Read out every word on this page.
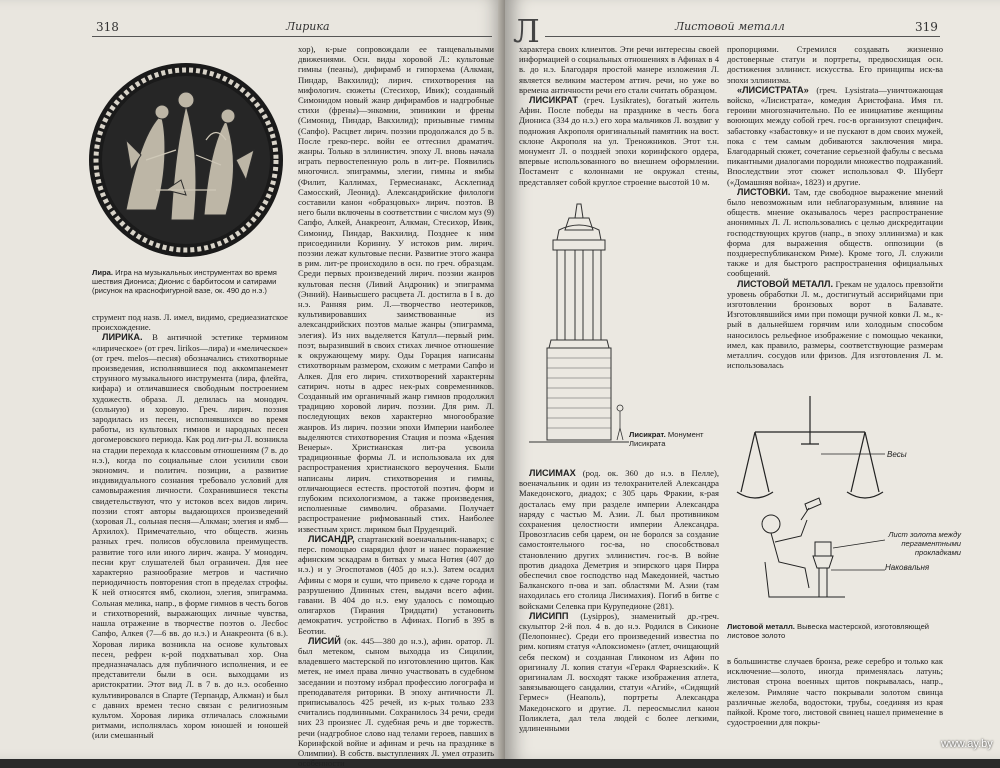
318	Лирика
Лира. Игра на музыкальных инструментах во время шествия Диониса; Дионис с барбитосом и сатирами (рисунок на краснофигурной вазе, ок. 490 до н.э.)

струмент под назв. Л. имел, видимо, средиеазиатское происхождение.

ЛИРИКА. В античной эстетике термином «лирическое» (от греч. lirikos—лира) и «мелическое» (от греч. melos—песня) обозначались стихотворные произведения, исполнявшиеся под аккомпанемент струнного музыкального инструмента (лира, флейта, кифара) и отличавшиеся свободным построением художеств. образа. Л. делилась на монодич. (сольную) и хоровую. Греч. лирич. поэзия зародилась из песен, исполнявшихся во время работы, из культовых гимнов и народных песен догомеровского периода. Как род лит-ры Л. возникла на стадии перехода к классовым отношениям (7 в. до н.э.), когда по социальные слои усилили свои экономич. и политич. позиции, а развитие индивидуального сознания требовало условий для самовыражения личности. Сохранившиеся тексты свидетельствуют, что у истоков всех видов лирич. поэзии стоят авторы выдающихся произведений (хоровая Л., сольная песня—Алкман; элегия и ямб—Архилох). Примечательно, что обществ. жизнь разных греч. полисов обусловила преимуществ. развитие того или иного лирич. жанра. У монодич. песни круг слушателей был ограничен. Для нее характерно разнообразие метров и частично периодичность повторения стоп в пределах строфы. К ней относятся ямб, сколион, элегия, эпиграмма. Сольная мелика, напр., в форме гимнов в честь богов и стихотворений, выражающих личные чувства, нашла отражение в творчестве поэтов о. Лесбос Сапфо, Алкея (7—6 вв. до н.э.) и Анакреонта (6 в.). Хоровая лирика возникла на основе культовых песен, рефрен к-рой подхватывал хор. Она предназначалась для публичного исполнения, и ее представители были в осн. выходцами из аристократии. Этот вид Л. в 7 в. до н.э. особенно культивировался в Спарте (Терпандр, Алкман) и был с давних времен тесно связан с религиозным культом. Хоровая лирика отличалась сложными ритмами, исполнялась хором юношей и юношей (или смешанный

хор), к-рые сопровождали ее танцевальными движениями. Осн. виды хоровой Л.: культовые гимны (пеаны), дифирамб и гипорхема (Алкман, Пиндар, Вакхилид); лирич. стихотворения на мифологич. сюжеты (Стесихор, Ивик); созданный Симонидом новый жанр дифирамбов и надгробные стихи (френы)—энкомии, эпиникии и френы (Симонид, Пиндар, Вакхилид); призывные гимны (Сапфо). Расцвет лирич. поэзии продолжался до 5 в. После греко-перс. войн ее оттеснил драматич. жанры. Только в эллинистич. эпоху Л. вновь начала играть первостепенную роль в лит-ре. Появились многочисл. эпиграммы, элегии, гимны и ямбы (Филит, Каллимах, Гермесианакс, Асклепиад Самосский, Леонид). Александрийские филологи составили канон «образцовых» лирич. поэтов. В него были включены в соответствии с числом муз (9) Сапфо, Алкей, Анакреонт, Алкман, Стесихор, Ивик, Симонид, Пиндар, Вакхилид. Позднее к ним присоединили Коринну. У истоков рим. лирич. поэзии лежат культовые песни. Развитие этого жанра в рим. лит-ре происходило в осн. по греч. образцам. Среди первых произведений лирич. поэзии жанров культовая песня (Ливий Андроник) и эпиграмма (Энний). Наивысшего расцвета Л. достигла в I в. до н.э. Ранняя рим. Л.—творчество неотериков, культивировавших заимствованные из александрийских поэтов малые жанры (эпиграмма, элегия). Из них выделяется Катулл—первый рим. поэт, выразивший в своих стихах личное отношение к окружающему миру. Оды Горация написаны стихотворным размером, схожим с метрами Сапфо и Алкея. Для его лирич. стихотворений характерны сатирич. ноты в адрес нек-рых современников. Созданный им органичный жанр гимнов продолжил традицию хоровой лирич. поэзии. Для рим. Л. последующих веков характерно многообразие жанров. Из лирич. поэзии эпохи Империи наиболее выделяются стихотворения Стация и поэма «Бдения Венеры». Христианская лит-ра усвоила традиционные формы Л. и использовала их для распространения христианского вероучения. Были написаны лирич. стихотворения и гимны, отличающиеся естеств. простотой поэтич. форм и глубоким психологизмом, а также произведения, исполненные символич. образами. Получает распространение рифмованный стих. Наиболее известным христ. лириком был Пруденций.

ЛИСАНДР, спартанский военачальник-наварх; с перс. помощью снарядил флот и нанес поражение афинским эскадрам в битвах у мыса Нотия (407 до н.э.) и у Эгоспотамов (405 до н.э.). Затем осадил Афины с моря и суши, что привело к сдаче города и разрушению Длинных стен, выдачи всего афин. гавани. В 404 до н.э. ему удалось с помощью олигархов (Тирания Тридцати) установить демократич. устройство в Афинах. Погиб в 395 в Беотии.

ЛИСИЙ (ок. 445—380 до н.э.), афин. оратор. Л. был метеком, сыном выходца из Сицилии, владевшего мастерской по изготовлению щитов. Как метек, не имел права лично участвовать в судебном заседании и поэтому избрал профессию логографа и преподавателя риторики. В эпоху античности Л. приписывалось 425 речей, из к-рых только 233 считались подлинными. Сохранилось 34 речи, среди них 23 произнес Л. судебная речь и две торжеств. речи (надгробное слово над телами героев, павших в Коринфской войне и афинам и речь на празднике в Олимпии). В собств. выступлениях Л. умел отразить особенности

Л	Листовой металл	319

характера своих клиентов. Эти речи интересны своей информацией о социальных отношениях в Афинах в 4 в. до н.э. Благодаря простой манере изложения Л. является великим мастером аттич. речи, но уже во времена античности речи его стали считать образцом.

ЛИСИКРАТ (греч. Lysikrates), богатый житель Афин. После победы на празднике в честь бога Диониса (334 до н.э.) его хора мальчиков Л. воздвиг у подножия Акрополя оригинальный памятник на вост. склоне Акрополя на ул. Треножников. Этот т.н. монумент Л. о поздней эпохи коринфского ордера, впервые использованного во внешнем оформлении. Постамент с колоннами не окружал стены, представляет собой круглое строение высотой 10 м.

Лисикрат. Монумент Лисикрата

ЛИСИМАХ (род. ок. 360 до н.э. в Пелле), военачальник и один из телохранителей Александра Македонского, диадох; с 305 царь Фракии, к-рая досталась ему при разделе империи Александра наряду с частью М. Азии. Л. был противником сохранения целостности империи Александра. Провозгласив себя царем, он не боролся за создание самостоятельного гос-ва, но способствовал становлению других эллинистич. гос-в. В войне против диадоха Деметрия и эпирского царя Пирра обеспечил свое господство над Македонией, частью Балканского п-ова и зап. областями М. Азии (там находилась его столица Лисимахия). Погиб в битве с войсками Селевка при Курупедионе (281).

ЛИСИПП (Lysippos), знаменитый др.-греч. скульптор 2-й пол. 4 в. до н.э. Родился в Сикионе (Пелопоннес). Среди его произведений известна по рим. копиям статуя «Апоксиомен» (атлет, очищающий себя песком) и созданная Гликоном из Афин по оригиналу Л. копия статуи «Геракл Фарнезский». К оригиналам Л. восходят также изображения атлета, завязывающего сандалии, статуи «Агий», «Сидящий Гермес» (Неаполь), портреты Александра Македонского и другие. Л. переосмыслил канон Поликлета, дал тела людей с более легкими, удлиненными

пропорциями. Стремился создавать жизненно достоверные статуи и портреты, предвосхищая осн. достижения эллинист. искусства. Его принципы иск-ва эпохи эллинизма.

«ЛИСИСТРАТА» (греч. Lysistrata—уничтожающая войско, «Лисистрата», комедия Аристофана. Имя гл. героини многозначительно. По ее инициативе женщины воюющих между собой греч. гос-в организуют специфич. забастовку «забастовку» и не пускают в дом своих мужей, пока с тем самым добиваются заключения мира. Благодарный сюжет, сочетание серьезной фабулы с весьма пикантными диалогами породили множество подражаний. Впоследствии этот сюжет использовал Ф. Шуберт («Домашняя война», 1823) и другие.

ЛИСТОВКИ. Там, где свободное выражение мнений было невозможным или неблагоразумным, влияние на обществ. мнение оказывалось через распространение анонимных Л. Л. использовались с целью дискредитации господствующих кругов (напр., в эпоху эллинизма) и как форма для выражения обществ. оппозиции (в позднереспубликанском Риме). Кроме того, Л. служили также и для быстрого распространения официальных сообщений.

ЛИСТОВОЙ МЕТАЛЛ. Грекам не удалось превзойти уровень обработки Л. м., достигнутый ассирийцами при изготовлении бронзовых ворот в Балавате. Изготовлявшийся ими при помощи ручной ковки Л. м., к-рый в дальнейшем горячим или холодным способом наносилось рельефное изображение с помощью чеканки, имел, как правило, размеры, соответствующие размерам металлич. сосудов или фризов. Для изготовления Л. м. использовалась

Весы
Наковальня
Лист золота между пергаментными прокладками
Листовой металл. Вывеска мастерской, изготовляющей листовое золото

в большинстве случаев бронза, реже серебро и только как исключение—золото, иногда применялась латунь; листовая строна военных щитов покрывалась, напр., железом. Римляне часто покрывали золотом свинца различные желоба, водостоки, трубы, соединяя из края пайкой. Кроме того, листовой свинец нашел применение в судостроении для покры-

www.ay.by
